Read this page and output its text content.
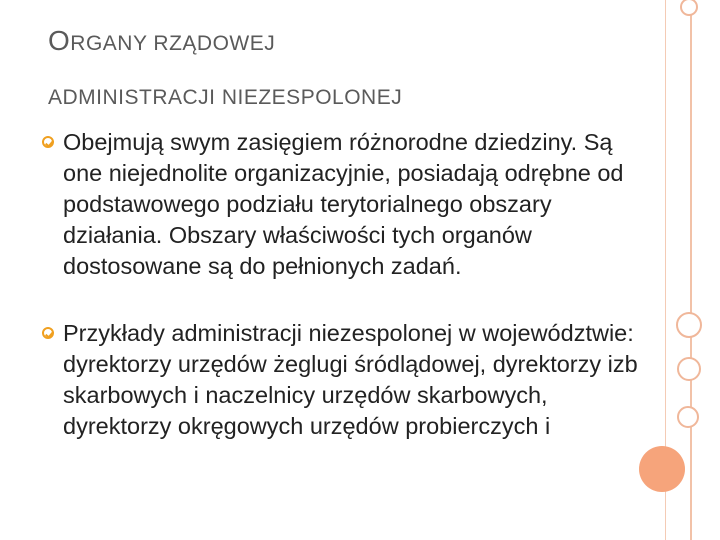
ORGANY RZĄDOWEJ
ADMINISTRACJI NIEZESPOLONEJ
Obejmują swym zasięgiem różnorodne dziedziny. Są one niejednolite organizacyjnie, posiadają odrębne od podstawowego podziału terytorialnego obszary działania. Obszary właściwości tych organów dostosowane są do pełnionych zadań.
Przykłady administracji niezespolonej w województwie: dyrektorzy urzędów żeglugi śródlądowej, dyrektorzy izb skarbowych i naczelnicy urzędów skarbowych, dyrektorzy okręgowych urzędów probierczych i
